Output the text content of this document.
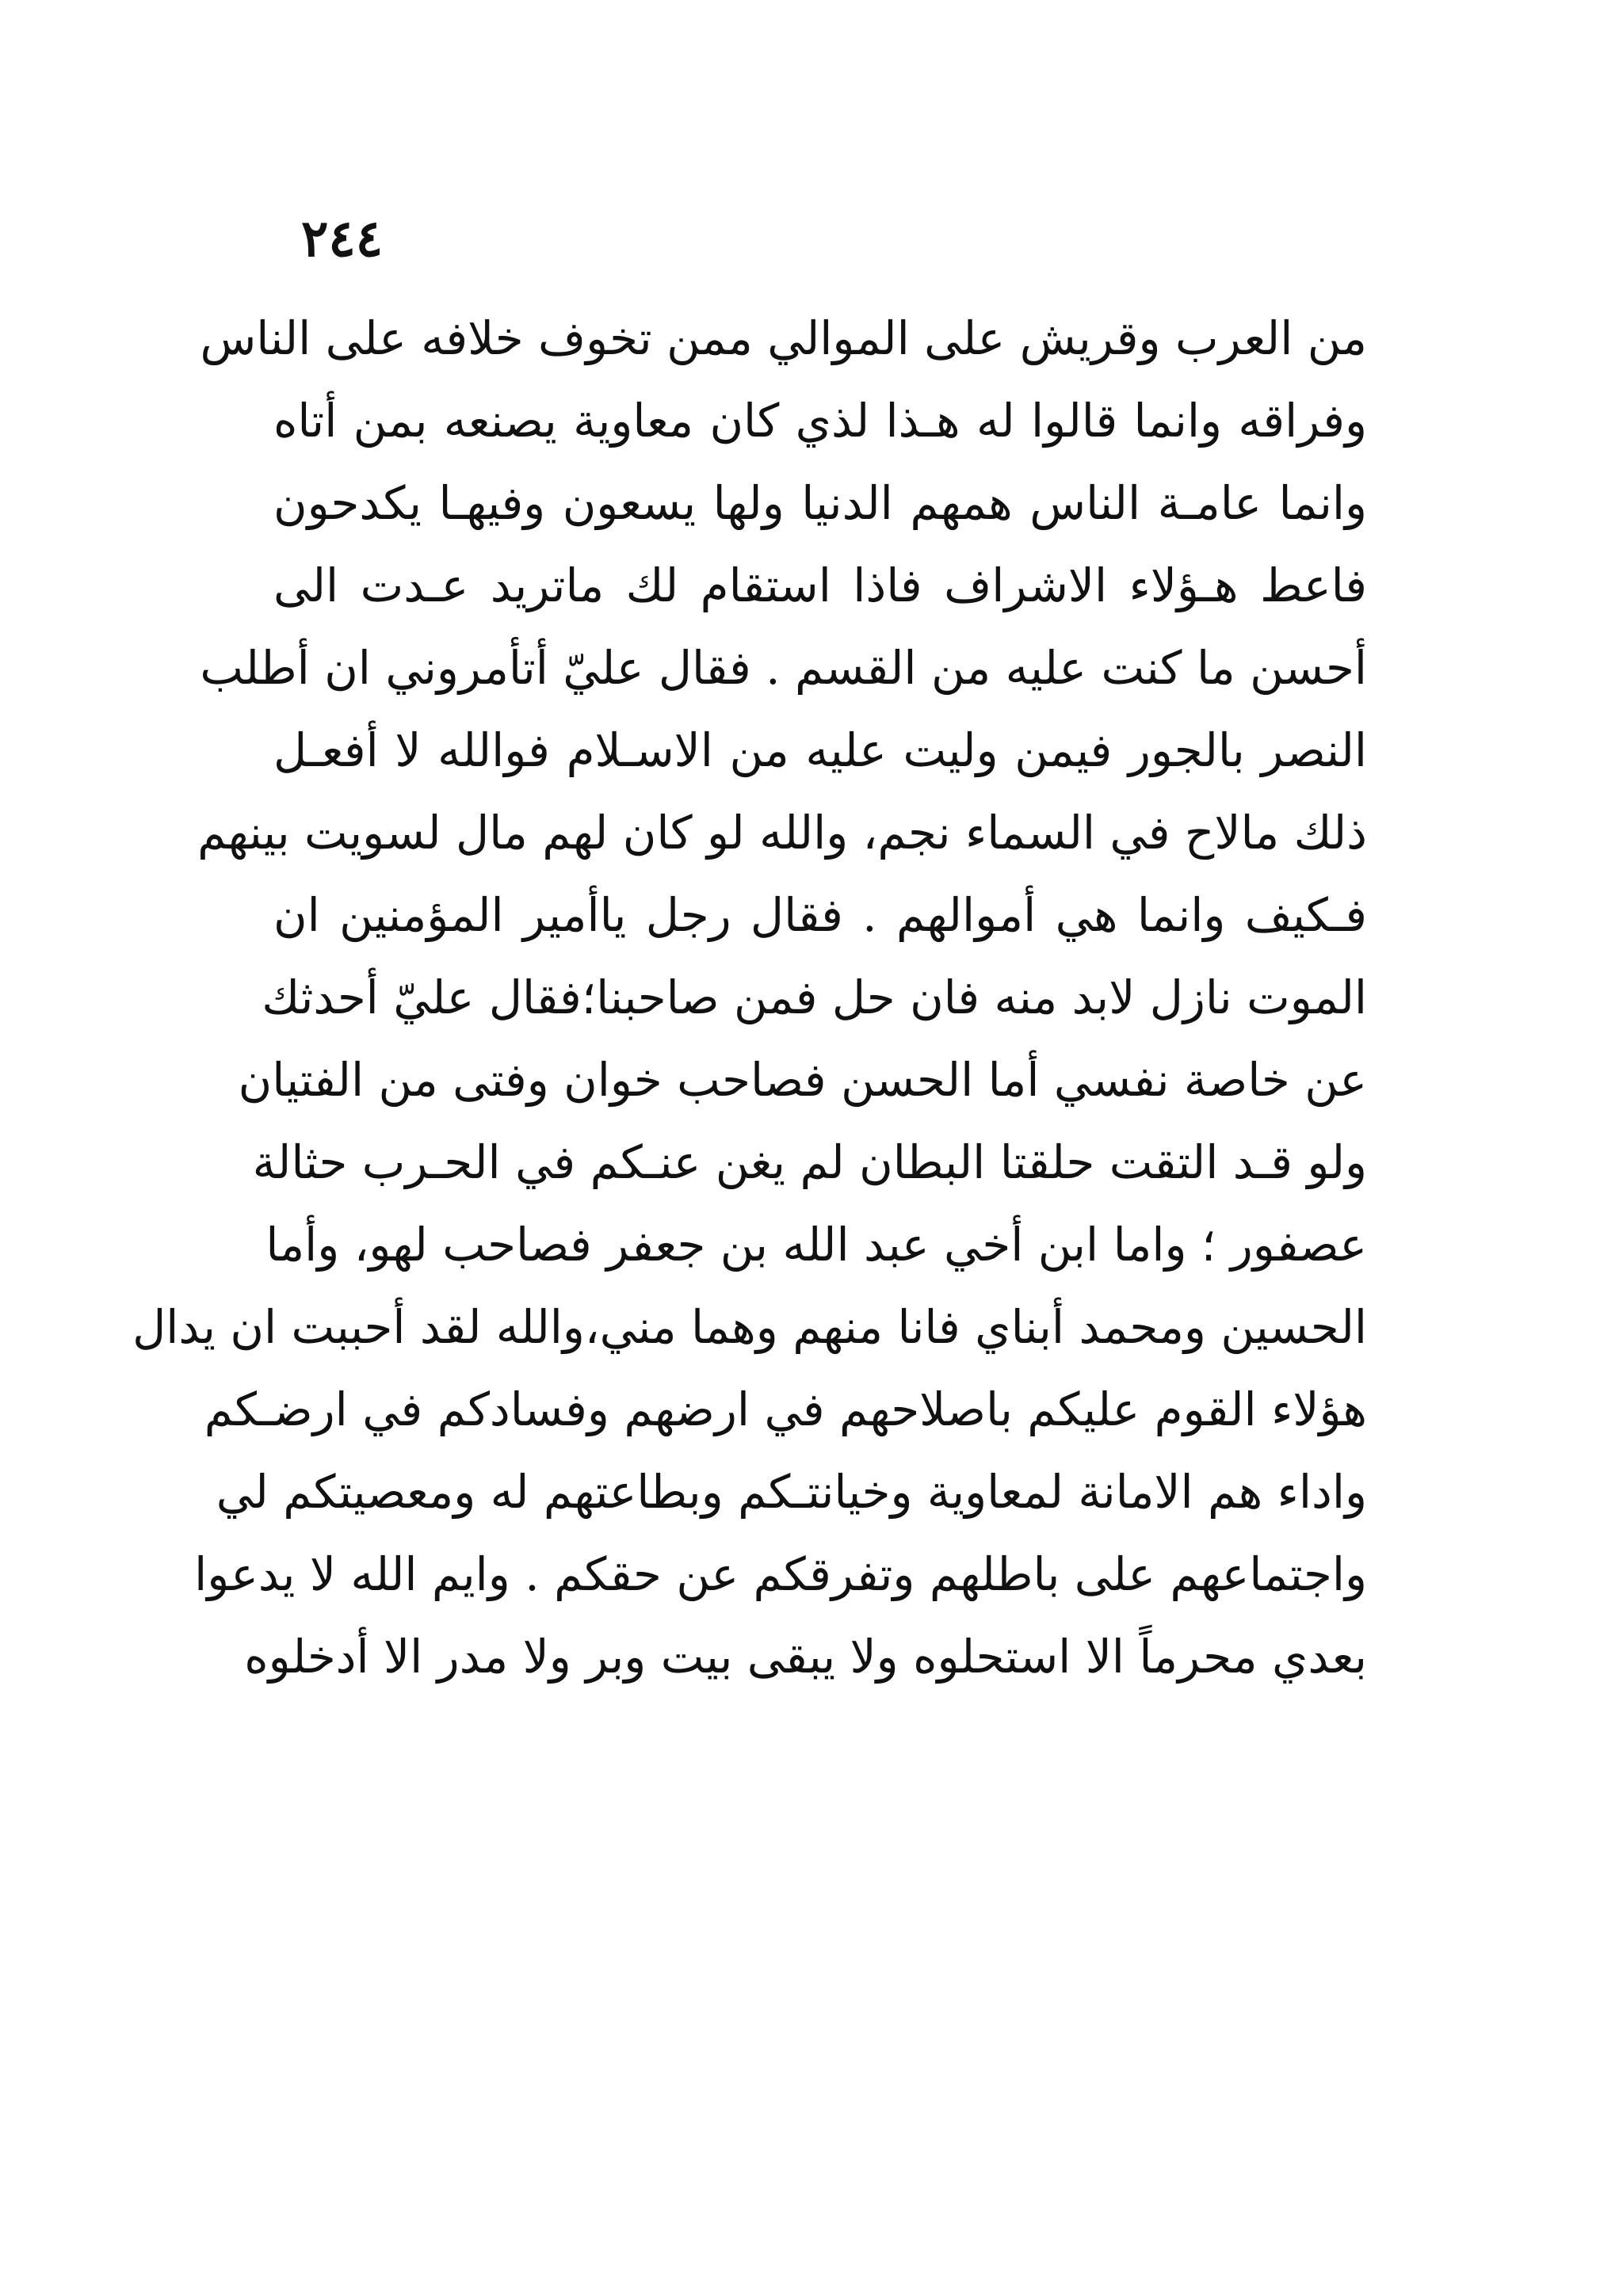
٢٤٤
من العرب وقريش على الموالي ممن تخوف خلافه على الناس
وفراقه وانما قالوا له هـذا لذي كان معاوية يصنعه بمن أتاه
وانما عامـة الناس همهم الدنيا ولها يسعون وفيهـا يكدحون
فاعط هـؤلاء الاشراف فاذا استقام لك ماتريد عـدت الى
أحسن ما كنت عليه من القسم . فقال عليّ أتأمروني ان أطلب
النصر بالجور فيمن وليت عليه من الاسـلام فوالله لا أفعـل
ذلك مالاح في السماء نجم، والله لو كان لهم مال لسويت بينهم
فـكيف وانما هي أموالهم . فقال رجل ياأمير المؤمنين ان
الموت نازل لابد منه فان حل فمن صاحبنا؛فقال عليّ أحدثك
عن خاصة نفسي أما الحسن فصاحب خوان وفتى من الفتيان
ولو قـد التقت حلقتا البطان لم يغن عنـكم في الحـرب حثالة
عصفور ؛ واما ابن أخي عبد الله بن جعفر فصاحب لهو، وأما
الحسين ومحمد أبناي فانا منهم وهما مني،والله لقد أحببت ان يدال
هؤلاء القوم عليكم باصلاحهم في ارضهم وفسادكم في ارضـكم
واداء هم الامانة لمعاوية وخيانتـكم وبطاعتهم له ومعصيتكم لي
واجتماعهم على باطلهم وتفرقكم عن حقكم . وايم الله لا يدعوا
بعدي محرماً الا استحلوه ولا يبقى بيت وبر ولا مدر الا أدخلوه
